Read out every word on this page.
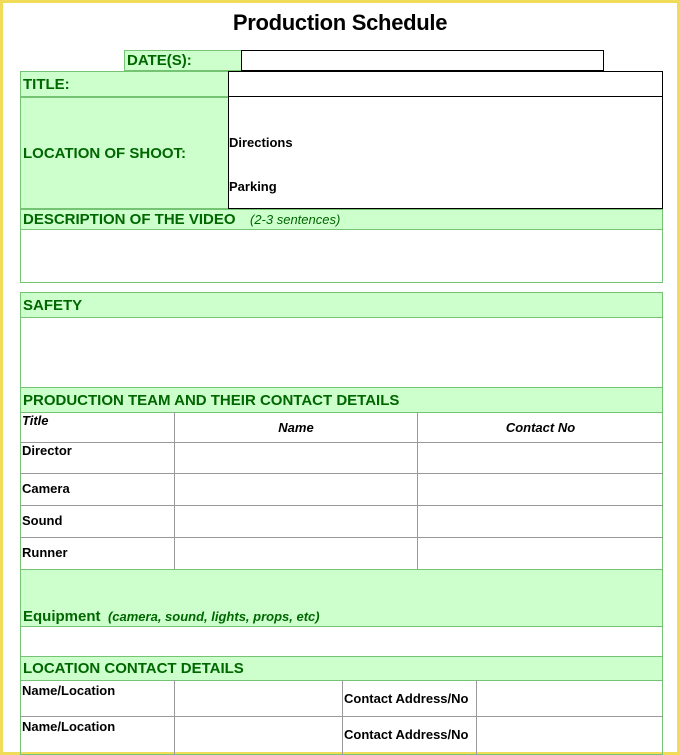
Production Schedule
DATE(S):
TITLE:
LOCATION OF SHOOT:
Directions
Parking
DESCRIPTION OF THE VIDEO (2-3 sentences)
SAFETY
PRODUCTION TEAM AND THEIR CONTACT DETAILS
Title	Name	Contact No
Director
Camera
Sound
Runner
Equipment (camera, sound, lights, props, etc)
LOCATION CONTACT DETAILS
Name/Location
Contact Address/No
Name/Location
Contact Address/No
